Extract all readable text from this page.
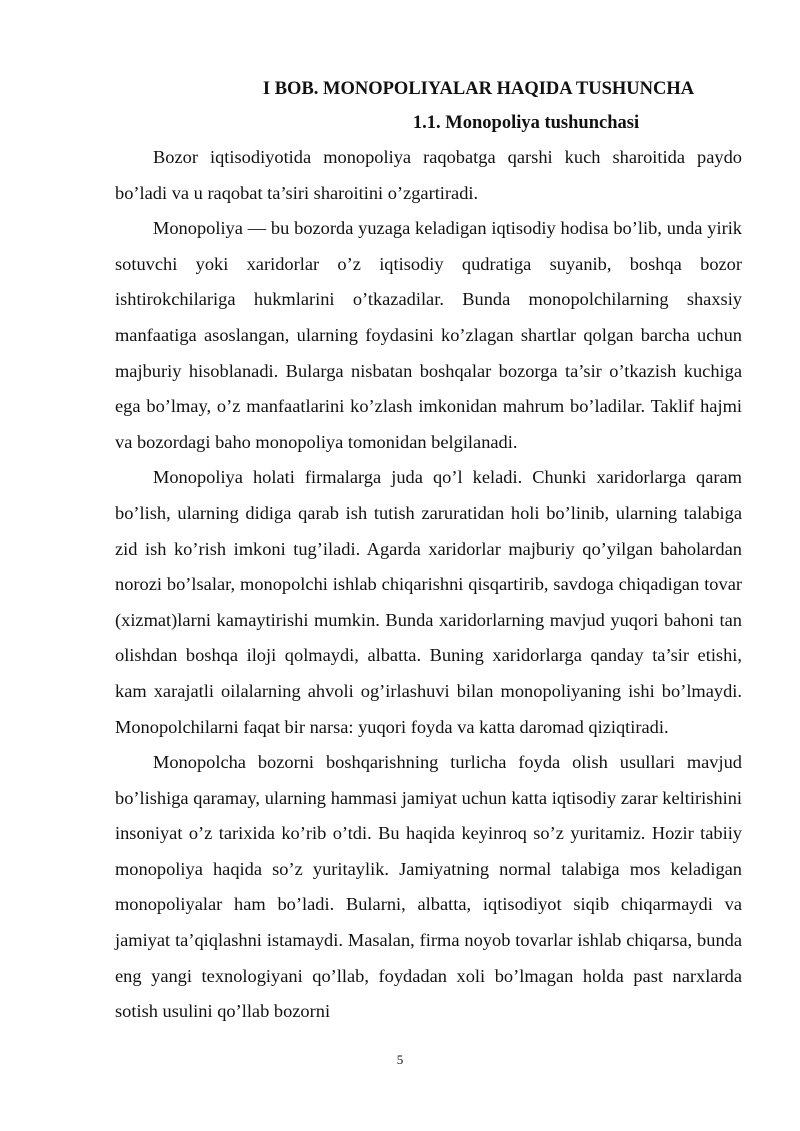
I BOB. MONOPOLIYALAR HAQIDA TUSHUNCHA
1.1. Monopoliya tushunchasi

Bozor iqtisodiyotida monopoliya raqobatga qarshi kuch sharoitida paydo bo’ladi va u raqobat ta’siri sharoitini o’zgartiradi.

Monopoliya — bu bozorda yuzaga keladigan iqtisodiy hodisa bo’lib, unda yirik sotuvchi yoki xaridorlar o’z iqtisodiy qudratiga suyanib, boshqa bozor ishtirokchilariga hukmlarini o’tkazadilar. Bunda monopolchilarning shaxsiy manfaatiga asoslangan, ularning foydasini ko’zlagan shartlar qolgan barcha uchun majburiy hisoblanadi. Bularga nisbatan boshqalar bozorga ta’sir o’tkazish kuchiga ega bo’lmay, o’z manfaatlarini ko’zlash imkonidan mahrum bo’ladilar. Taklif hajmi va bozordagi baho monopoliya tomonidan belgilanadi.

Monopoliya holati firmalarga juda qo’l keladi. Chunki xaridorlarga qaram bo’lish, ularning didiga qarab ish tutish zaruratidan holi bo’linib, ularning talabiga zid ish ko’rish imkoni tug’iladi. Agarda xaridorlar majburiy qo’yilgan baholardan norozi bo’lsalar, monopolchi ishlab chiqarishni qisqartirib, savdoga chiqadigan tovar (xizmat)larni kamaytirishi mumkin. Bunda xaridorlarning mavjud yuqori bahoni tan olishdan boshqa iloji qolmaydi, albatta. Buning xaridorlarga qanday ta’sir etishi, kam xarajatli oilalarning ahvoli og’irlashuvi bilan monopoliyaning ishi bo’lmaydi. Monopolchilarni faqat bir narsa: yuqori foyda va katta daromad qiziqtiradi.

Monopolcha bozorni boshqarishning turlicha foyda olish usullari mavjud bo’lishiga qaramay, ularning hammasi jamiyat uchun katta iqtisodiy zarar keltirishini insoniyat o’z tarixida ko’rib o’tdi. Bu haqida keyinroq so’z yuritamiz. Hozir tabiiy monopoliya haqida so’z yuritaylik. Jamiyatning normal talabiga mos keladigan monopoliyalar ham bo’ladi. Bularni, albatta, iqtisodiyot siqib chiqarmaydi va jamiyat ta’qiqlashni istamaydi. Masalan, firma noyob tovarlar ishlab chiqarsa, bunda eng yangi texnologiyani qo’llab, foydadan xoli bo’lmagan holda past narxlarda sotish usulini qo’llab bozorni

5
